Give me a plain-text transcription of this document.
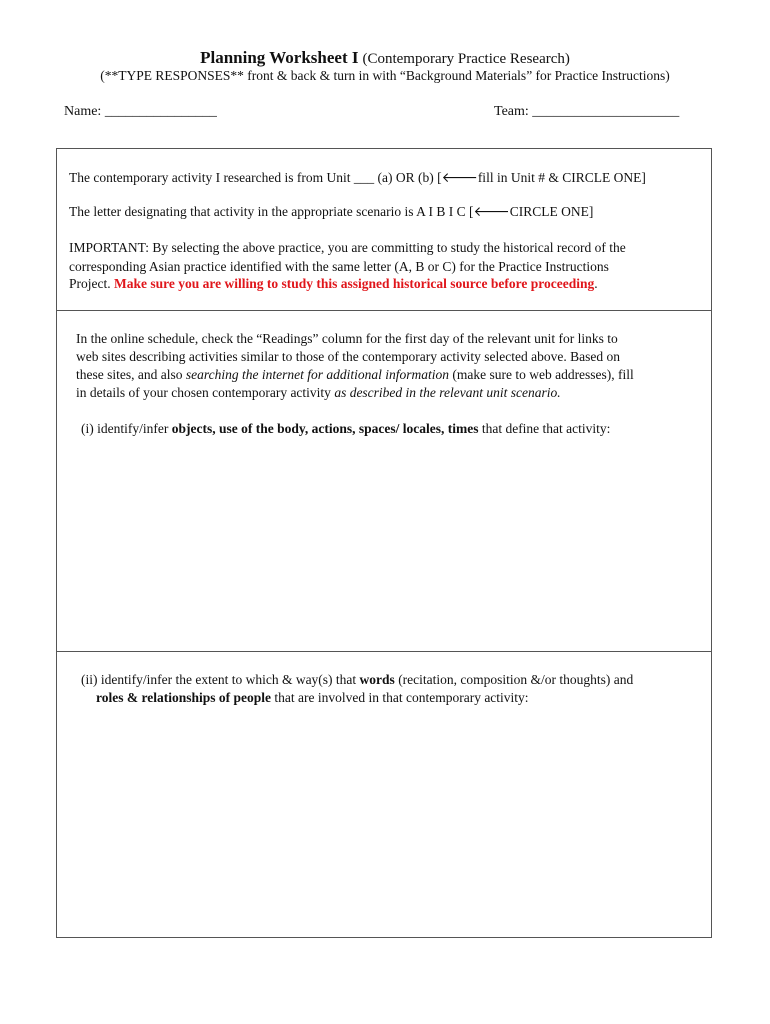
Planning Worksheet I (Contemporary Practice Research)
(**TYPE RESPONSES** front & back & turn in with “Background Materials” for Practice Instructions)
Name: ________________	Team: _____________________
The contemporary activity I researched is from Unit ___ (a) OR (b) [🡐fill in Unit # & CIRCLE ONE]
The letter designating that activity in the appropriate scenario is A I B I C [🡐CIRCLE ONE]
IMPORTANT: By selecting the above practice, you are committing to study the historical record of the
corresponding Asian practice identified with the same letter (A, B or C) for the Practice Instructions
Project. Make sure you are willing to study this assigned historical source before proceeding.
In the online schedule, check the “Readings” column for the first day of the relevant unit for links to
web sites describing activities similar to those of the contemporary activity selected above. Based on
these sites, and also searching the internet for additional information (make sure to web addresses), fill
in details of your chosen contemporary activity as described in the relevant unit scenario.
(i) identify/infer objects, use of the body, actions, spaces/ locales, times that define that activity:
(ii) identify/infer the extent to which & way(s) that words (recitation, composition &/or thoughts) and
roles & relationships of people that are involved in that contemporary activity:
